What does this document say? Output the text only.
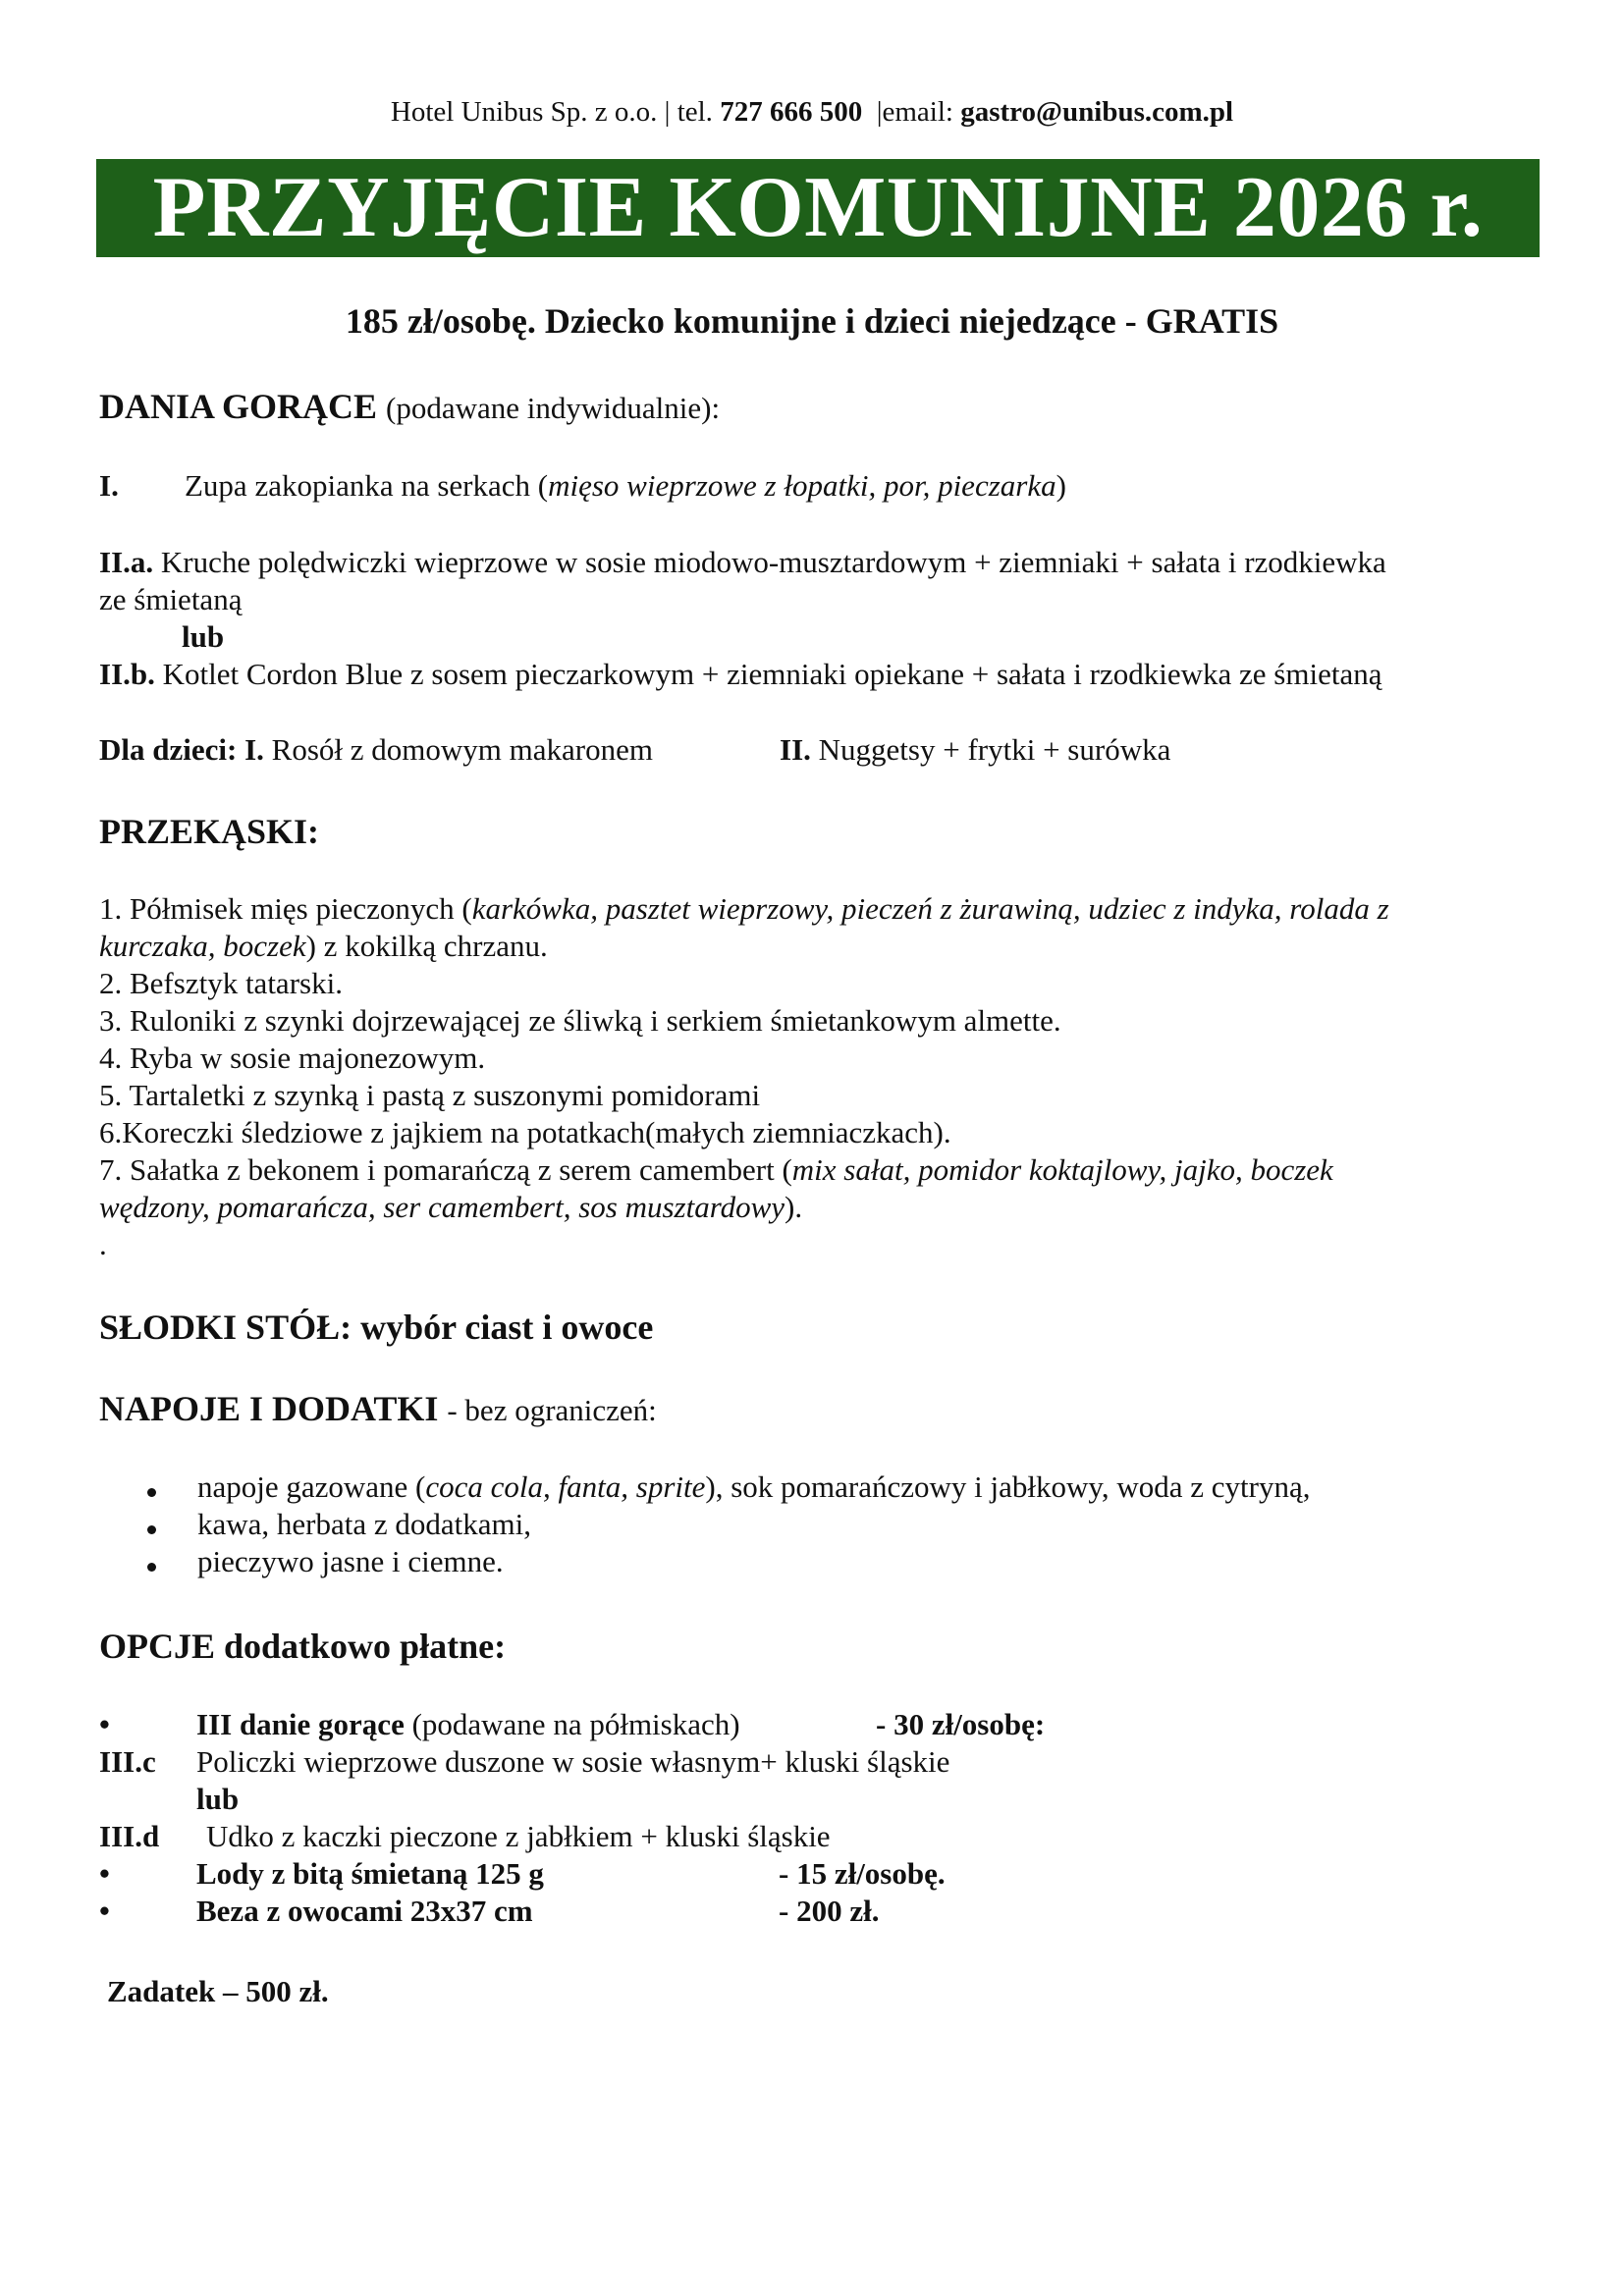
Hotel Unibus Sp. z o.o. | tel. 727 666 500 |email: gastro@unibus.com.pl
PRZYJĘCIE KOMUNIJNE 2026 r.
185 zł/osobę. Dziecko komunijne i dzieci niejedzące - GRATIS
DANIA GORĄCE (podawane indywidualnie):
I. Zupa zakopianka na serkach (mięso wieprzowe z łopatki, por, pieczarka)
II.a. Kruche polędwiczki wieprzowe w sosie miodowo-musztardowym + ziemniaki + sałata i rzodkiewka
ze śmietaną
lub
II.b. Kotlet Cordon Blue z sosem pieczarkowym + ziemniaki opiekane + sałata i rzodkiewka ze śmietaną
Dla dzieci: I. Rosół z domowym makaronem	II. Nuggetsy + frytki + surówka
PRZEKĄSKI:
1. Półmisek mięs pieczonych (karkówka, pasztet wieprzowy, pieczeń z żurawiną, udziec z indyka, rolada z
kurczaka, boczek) z kokilką chrzanu.
2. Befsztyk tatarski.
3. Ruloniki z szynki dojrzewającej ze śliwką i serkiem śmietankowym almette.
4. Ryba w sosie majonezowym.
5. Tartaletki z szynką i pastą z suszonymi pomidorami
6.Koreczki śledziowe z jajkiem na potatkach(małych ziemniaczkach).
7. Sałatka z bekonem i pomarańczą z serem camembert (mix sałat, pomidor koktajlowy, jajko, boczek
wędzony, pomarańcza, ser camembert, sos musztardowy).
.
SŁODKI STÓŁ: wybór ciast i owoce
NAPOJE I DODATKI - bez ograniczeń:
napoje gazowane (coca cola, fanta, sprite), sok pomarańczowy i jabłkowy, woda z cytryną,
kawa, herbata z dodatkami,
pieczywo jasne i ciemne.
OPCJE dodatkowo płatne:
•	III danie gorące (podawane na półmiskach)	- 30 zł/osobę:
III.c Policzki wieprzowe duszone w sosie własnym+ kluski śląskie
lub
III.d Udko z kaczki pieczone z jabłkiem + kluski śląskie
•	Lody z bitą śmietaną 125 g	- 15 zł/osobę.
•	Beza z owocami 23x37 cm	- 200 zł.
Zadatek – 500 zł.
